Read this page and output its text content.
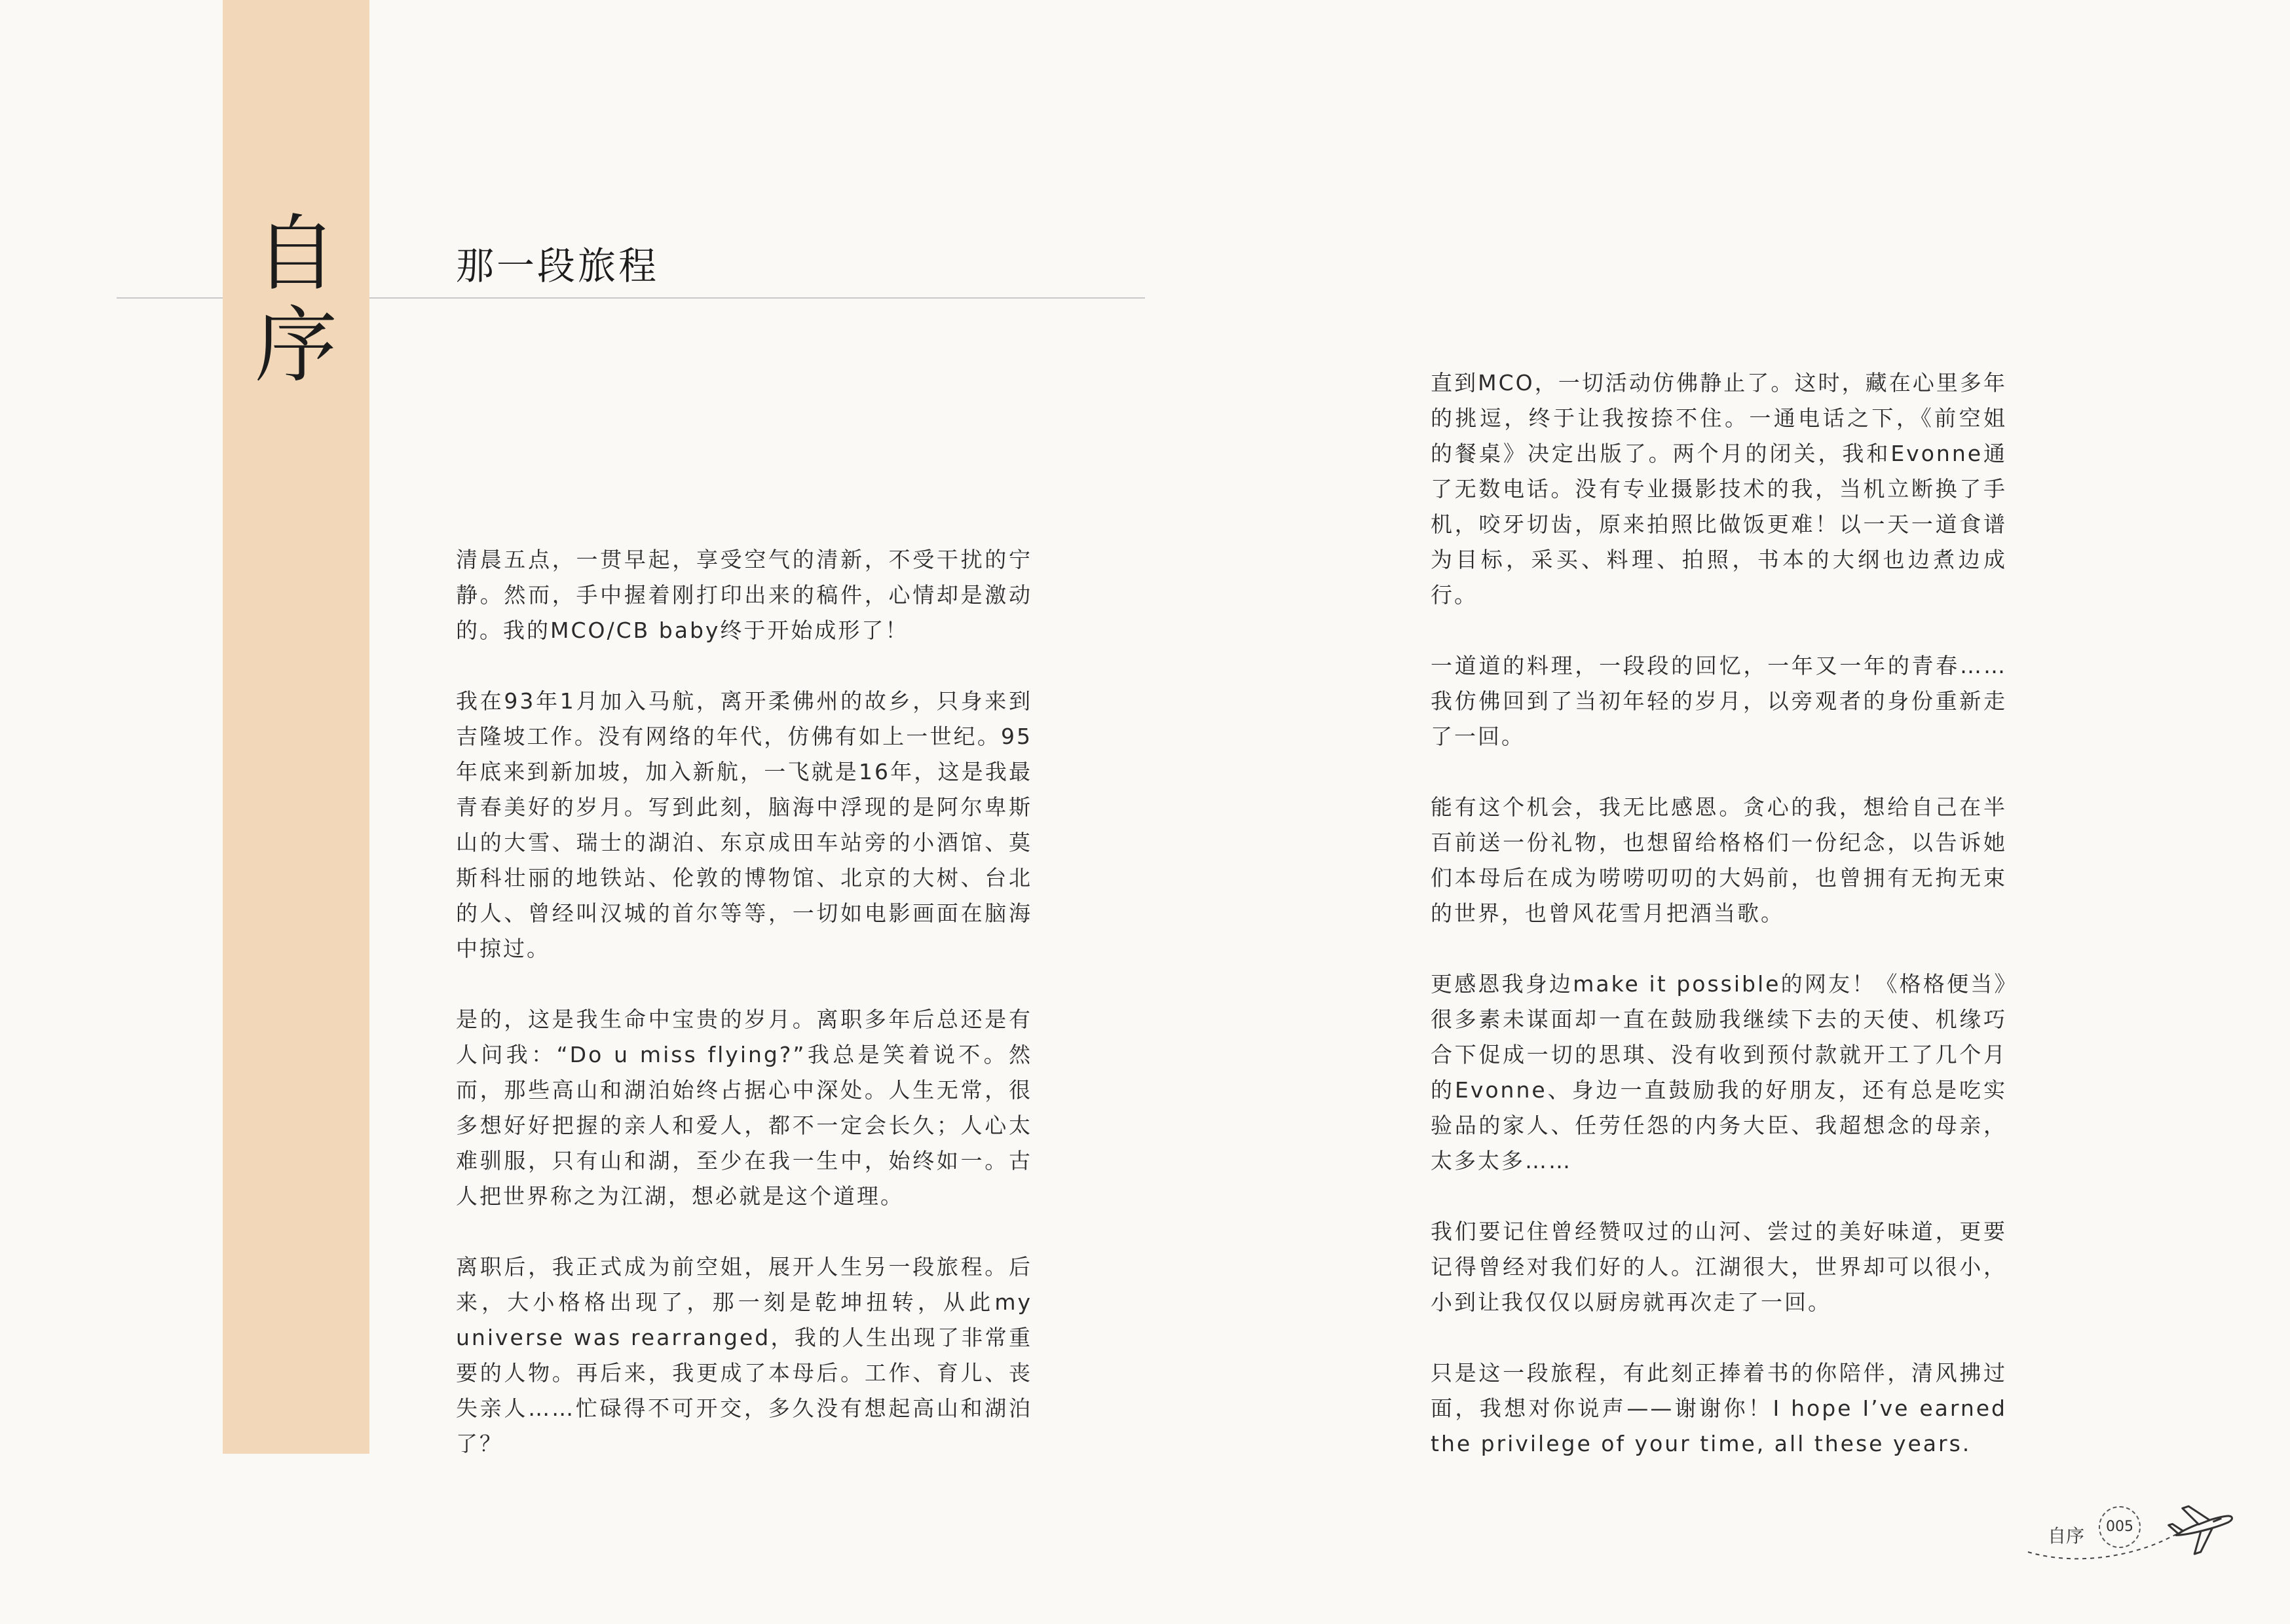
自
序
那一段旅程

清晨五点，一贯早起，享受空气的清新，不受干扰的宁静。然而，手中握着刚打印出来的稿件，心情却是激动的。我的MCO/CB baby终于开始成形了！

我在93年1月加入马航，离开柔佛州的故乡，只身来到吉隆坡工作。没有网络的年代，仿佛有如上一世纪。95年底来到新加坡，加入新航，一飞就是16年，这是我最青春美好的岁月。写到此刻，脑海中浮现的是阿尔卑斯山的大雪、瑞士的湖泊、东京成田车站旁的小酒馆、莫斯科壮丽的地铁站、伦敦的博物馆、北京的大树、台北的人、曾经叫汉城的首尔等等，一切如电影画面在脑海中掠过。

是的，这是我生命中宝贵的岁月。离职多年后总还是有人问我：“Do u miss flying?”我总是笑着说不。然而，那些高山和湖泊始终占据心中深处。人生无常，很多想好好把握的亲人和爱人，都不一定会长久；人心太难驯服，只有山和湖，至少在我一生中，始终如一。古人把世界称之为江湖，想必就是这个道理。

离职后，我正式成为前空姐，展开人生另一段旅程。后来，大小格格出现了，那一刻是乾坤扭转，从此my universe was rearranged，我的人生出现了非常重要的人物。再后来，我更成了本母后。工作、育儿、丧失亲人……忙碌得不可开交，多久没有想起高山和湖泊了？

直到MCO，一切活动仿佛静止了。这时，藏在心里多年的挑逗，终于让我按捺不住。一通电话之下，《前空姐的餐桌》决定出版了。两个月的闭关，我和Evonne通了无数电话。没有专业摄影技术的我，当机立断换了手机，咬牙切齿，原来拍照比做饭更难！以一天一道食谱为目标，采买、料理、拍照，书本的大纲也边煮边成行。

一道道的料理，一段段的回忆，一年又一年的青春……我仿佛回到了当初年轻的岁月，以旁观者的身份重新走了一回。

能有这个机会，我无比感恩。贪心的我，想给自己在半百前送一份礼物，也想留给格格们一份纪念，以告诉她们本母后在成为唠唠叨叨的大妈前，也曾拥有无拘无束的世界，也曾风花雪月把酒当歌。

更感恩我身边make it possible的网友！《格格便当》很多素未谋面却一直在鼓励我继续下去的天使、机缘巧合下促成一切的思琪、没有收到预付款就开工了几个月的Evonne、身边一直鼓励我的好朋友，还有总是吃实验品的家人、任劳任怨的内务大臣、我超想念的母亲，太多太多……

我们要记住曾经赞叹过的山河、尝过的美好味道，更要记得曾经对我们好的人。江湖很大，世界却可以很小，小到让我仅仅以厨房就再次走了一回。

只是这一段旅程，有此刻正捧着书的你陪伴，清风拂过面，我想对你说声——谢谢你！I hope I’ve earned the privilege of your time, all these years.

自序	005
